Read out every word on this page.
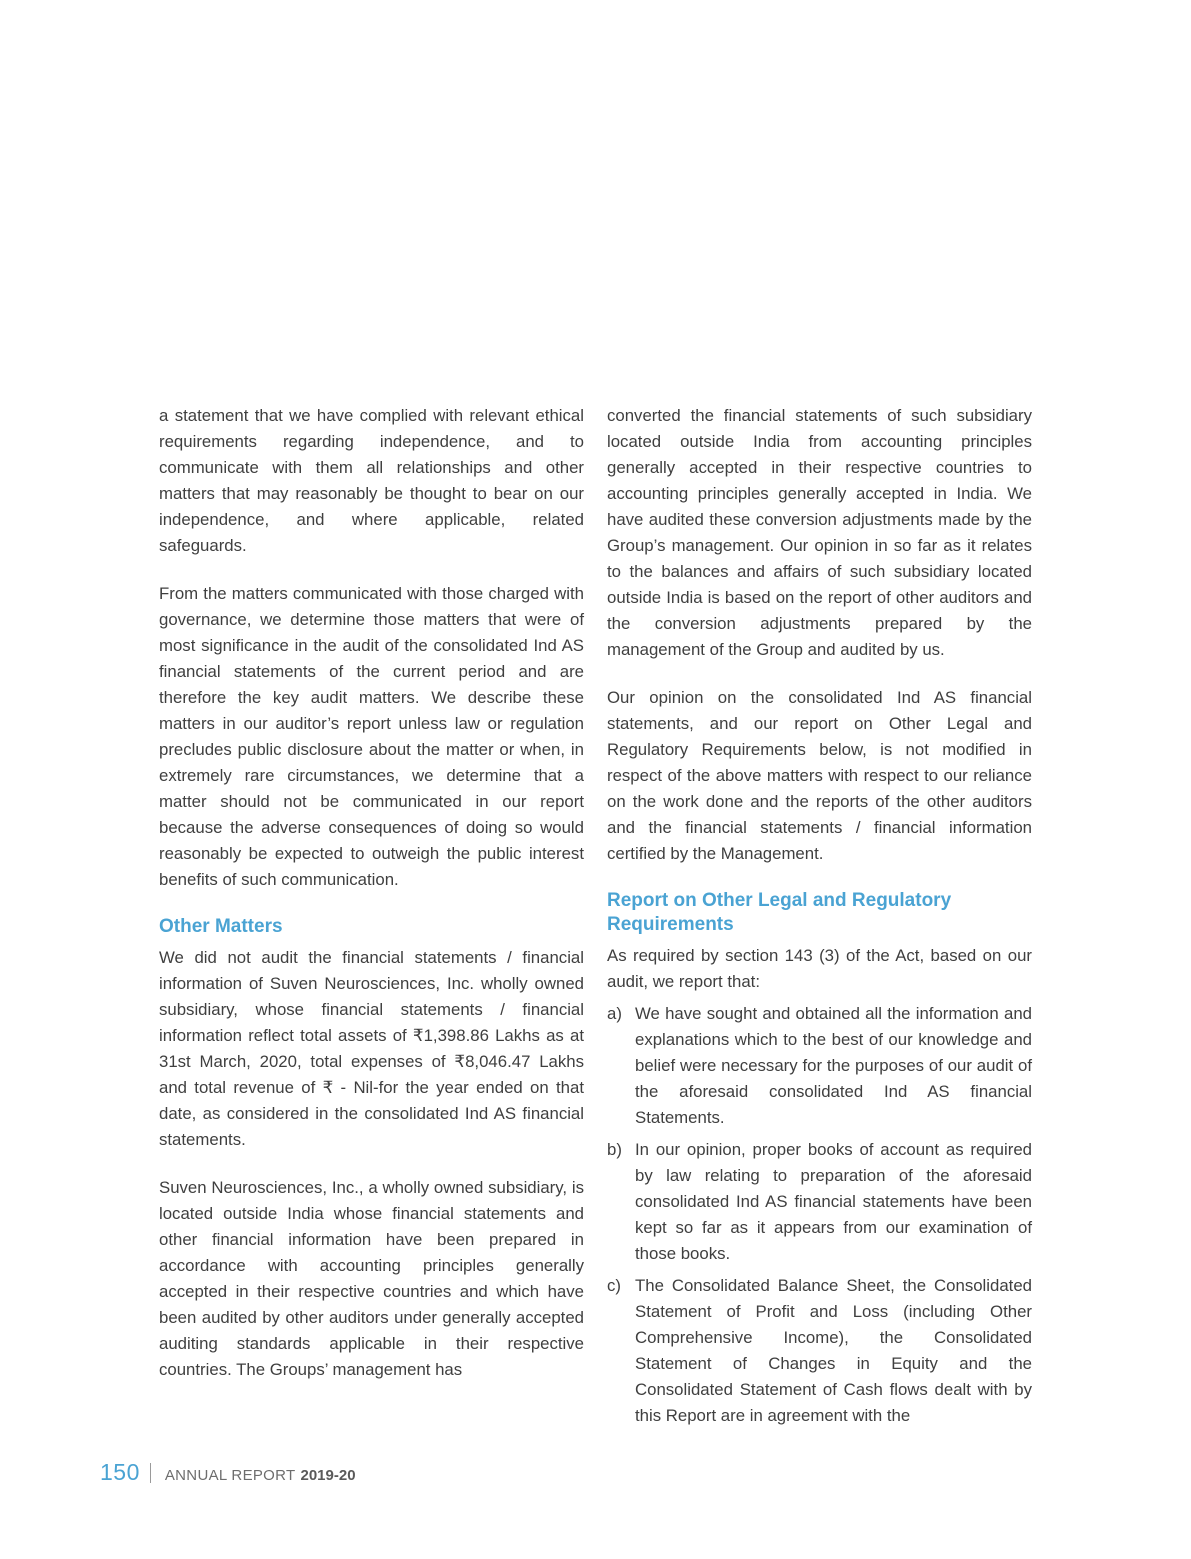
a statement that we have complied with relevant ethical requirements regarding independence, and to communicate with them all relationships and other matters that may reasonably be thought to bear on our independence, and where applicable, related safeguards.

From the matters communicated with those charged with governance, we determine those matters that were of most significance in the audit of the consolidated Ind AS financial statements of the current period and are therefore the key audit matters. We describe these matters in our auditor’s report unless law or regulation precludes public disclosure about the matter or when, in extremely rare circumstances, we determine that a matter should not be communicated in our report because the adverse consequences of doing so would reasonably be expected to outweigh the public interest benefits of such communication.

Other Matters

We did not audit the financial statements / financial information of Suven Neurosciences, Inc. wholly owned subsidiary, whose financial statements / financial information reflect total assets of ₹1,398.86 Lakhs as at 31st March, 2020, total expenses of ₹8,046.47 Lakhs and total revenue of ₹ - Nil-for the year ended on that date, as considered in the consolidated Ind AS financial statements.

Suven Neurosciences, Inc., a wholly owned subsidiary, is located outside India whose financial statements and other financial information have been prepared in accordance with accounting principles generally accepted in their respective countries and which have been audited by other auditors under generally accepted auditing standards applicable in their respective countries. The Groups’ management has

converted the financial statements of such subsidiary located outside India from accounting principles generally accepted in their respective countries to accounting principles generally accepted in India. We have audited these conversion adjustments made by the Group’s management. Our opinion in so far as it relates to the balances and affairs of such subsidiary located outside India is based on the report of other auditors and the conversion adjustments prepared by the management of the Group and audited by us.

Our opinion on the consolidated Ind AS financial statements, and our report on Other Legal and Regulatory Requirements below, is not modified in respect of the above matters with respect to our reliance on the work done and the reports of the other auditors and the financial statements / financial information certified by the Management.

Report on Other Legal and Regulatory
Requirements

As required by section 143 (3) of the Act, based on our audit, we report that:

a) We have sought and obtained all the information and explanations which to the best of our knowledge and belief were necessary for the purposes of our audit of the aforesaid consolidated Ind AS financial Statements.

b) In our opinion, proper books of account as required by law relating to preparation of the aforesaid consolidated Ind AS financial statements have been kept so far as it appears from our examination of those books.

c) The Consolidated Balance Sheet, the Consolidated Statement of Profit and Loss (including Other Comprehensive Income), the Consolidated Statement of Changes in Equity and the Consolidated Statement of Cash flows dealt with by this Report are in agreement with the

150 ANNUAL REPORT 2019-20
